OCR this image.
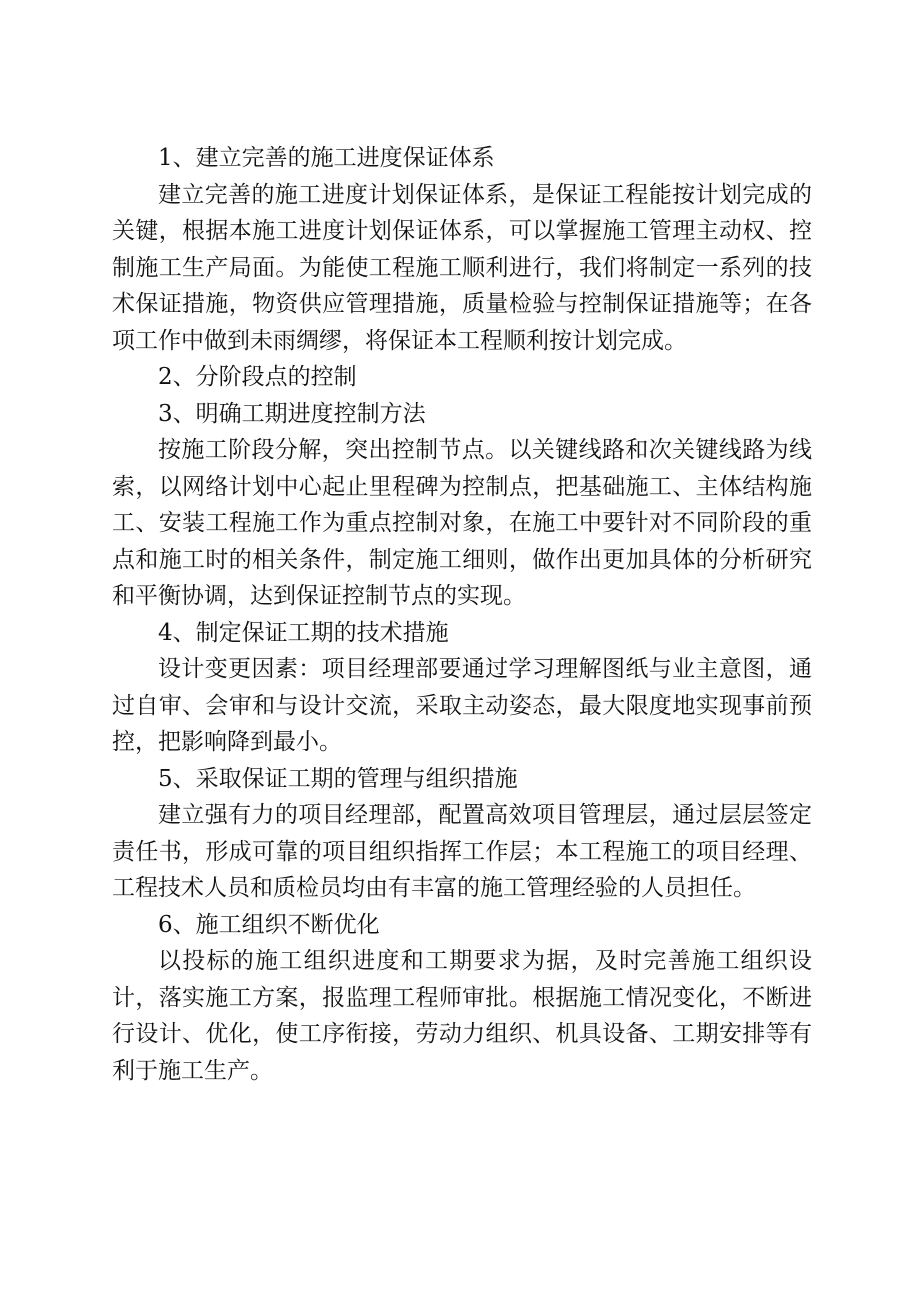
1、建立完善的施工进度保证体系

建立完善的施工进度计划保证体系，是保证工程能按计划完成的关键，根据本施工进度计划保证体系，可以掌握施工管理主动权、控制施工生产局面。为能使工程施工顺利进行，我们将制定一系列的技术保证措施，物资供应管理措施，质量检验与控制保证措施等；在各项工作中做到未雨绸缪，将保证本工程顺利按计划完成。

2、分阶段点的控制

3、明确工期进度控制方法

按施工阶段分解，突出控制节点。以关键线路和次关键线路为线索，以网络计划中心起止里程碑为控制点，把基础施工、主体结构施工、安装工程施工作为重点控制对象，在施工中要针对不同阶段的重点和施工时的相关条件，制定施工细则，做作出更加具体的分析研究和平衡协调，达到保证控制节点的实现。

4、制定保证工期的技术措施

设计变更因素：项目经理部要通过学习理解图纸与业主意图，通过自审、会审和与设计交流，采取主动姿态，最大限度地实现事前预控，把影响降到最小。

5、采取保证工期的管理与组织措施

建立强有力的项目经理部，配置高效项目管理层，通过层层签定责任书，形成可靠的项目组织指挥工作层；本工程施工的项目经理、工程技术人员和质检员均由有丰富的施工管理经验的人员担任。

6、施工组织不断优化

以投标的施工组织进度和工期要求为据，及时完善施工组织设计，落实施工方案，报监理工程师审批。根据施工情况变化，不断进行设计、优化，使工序衔接，劳动力组织、机具设备、工期安排等有利于施工生产。
